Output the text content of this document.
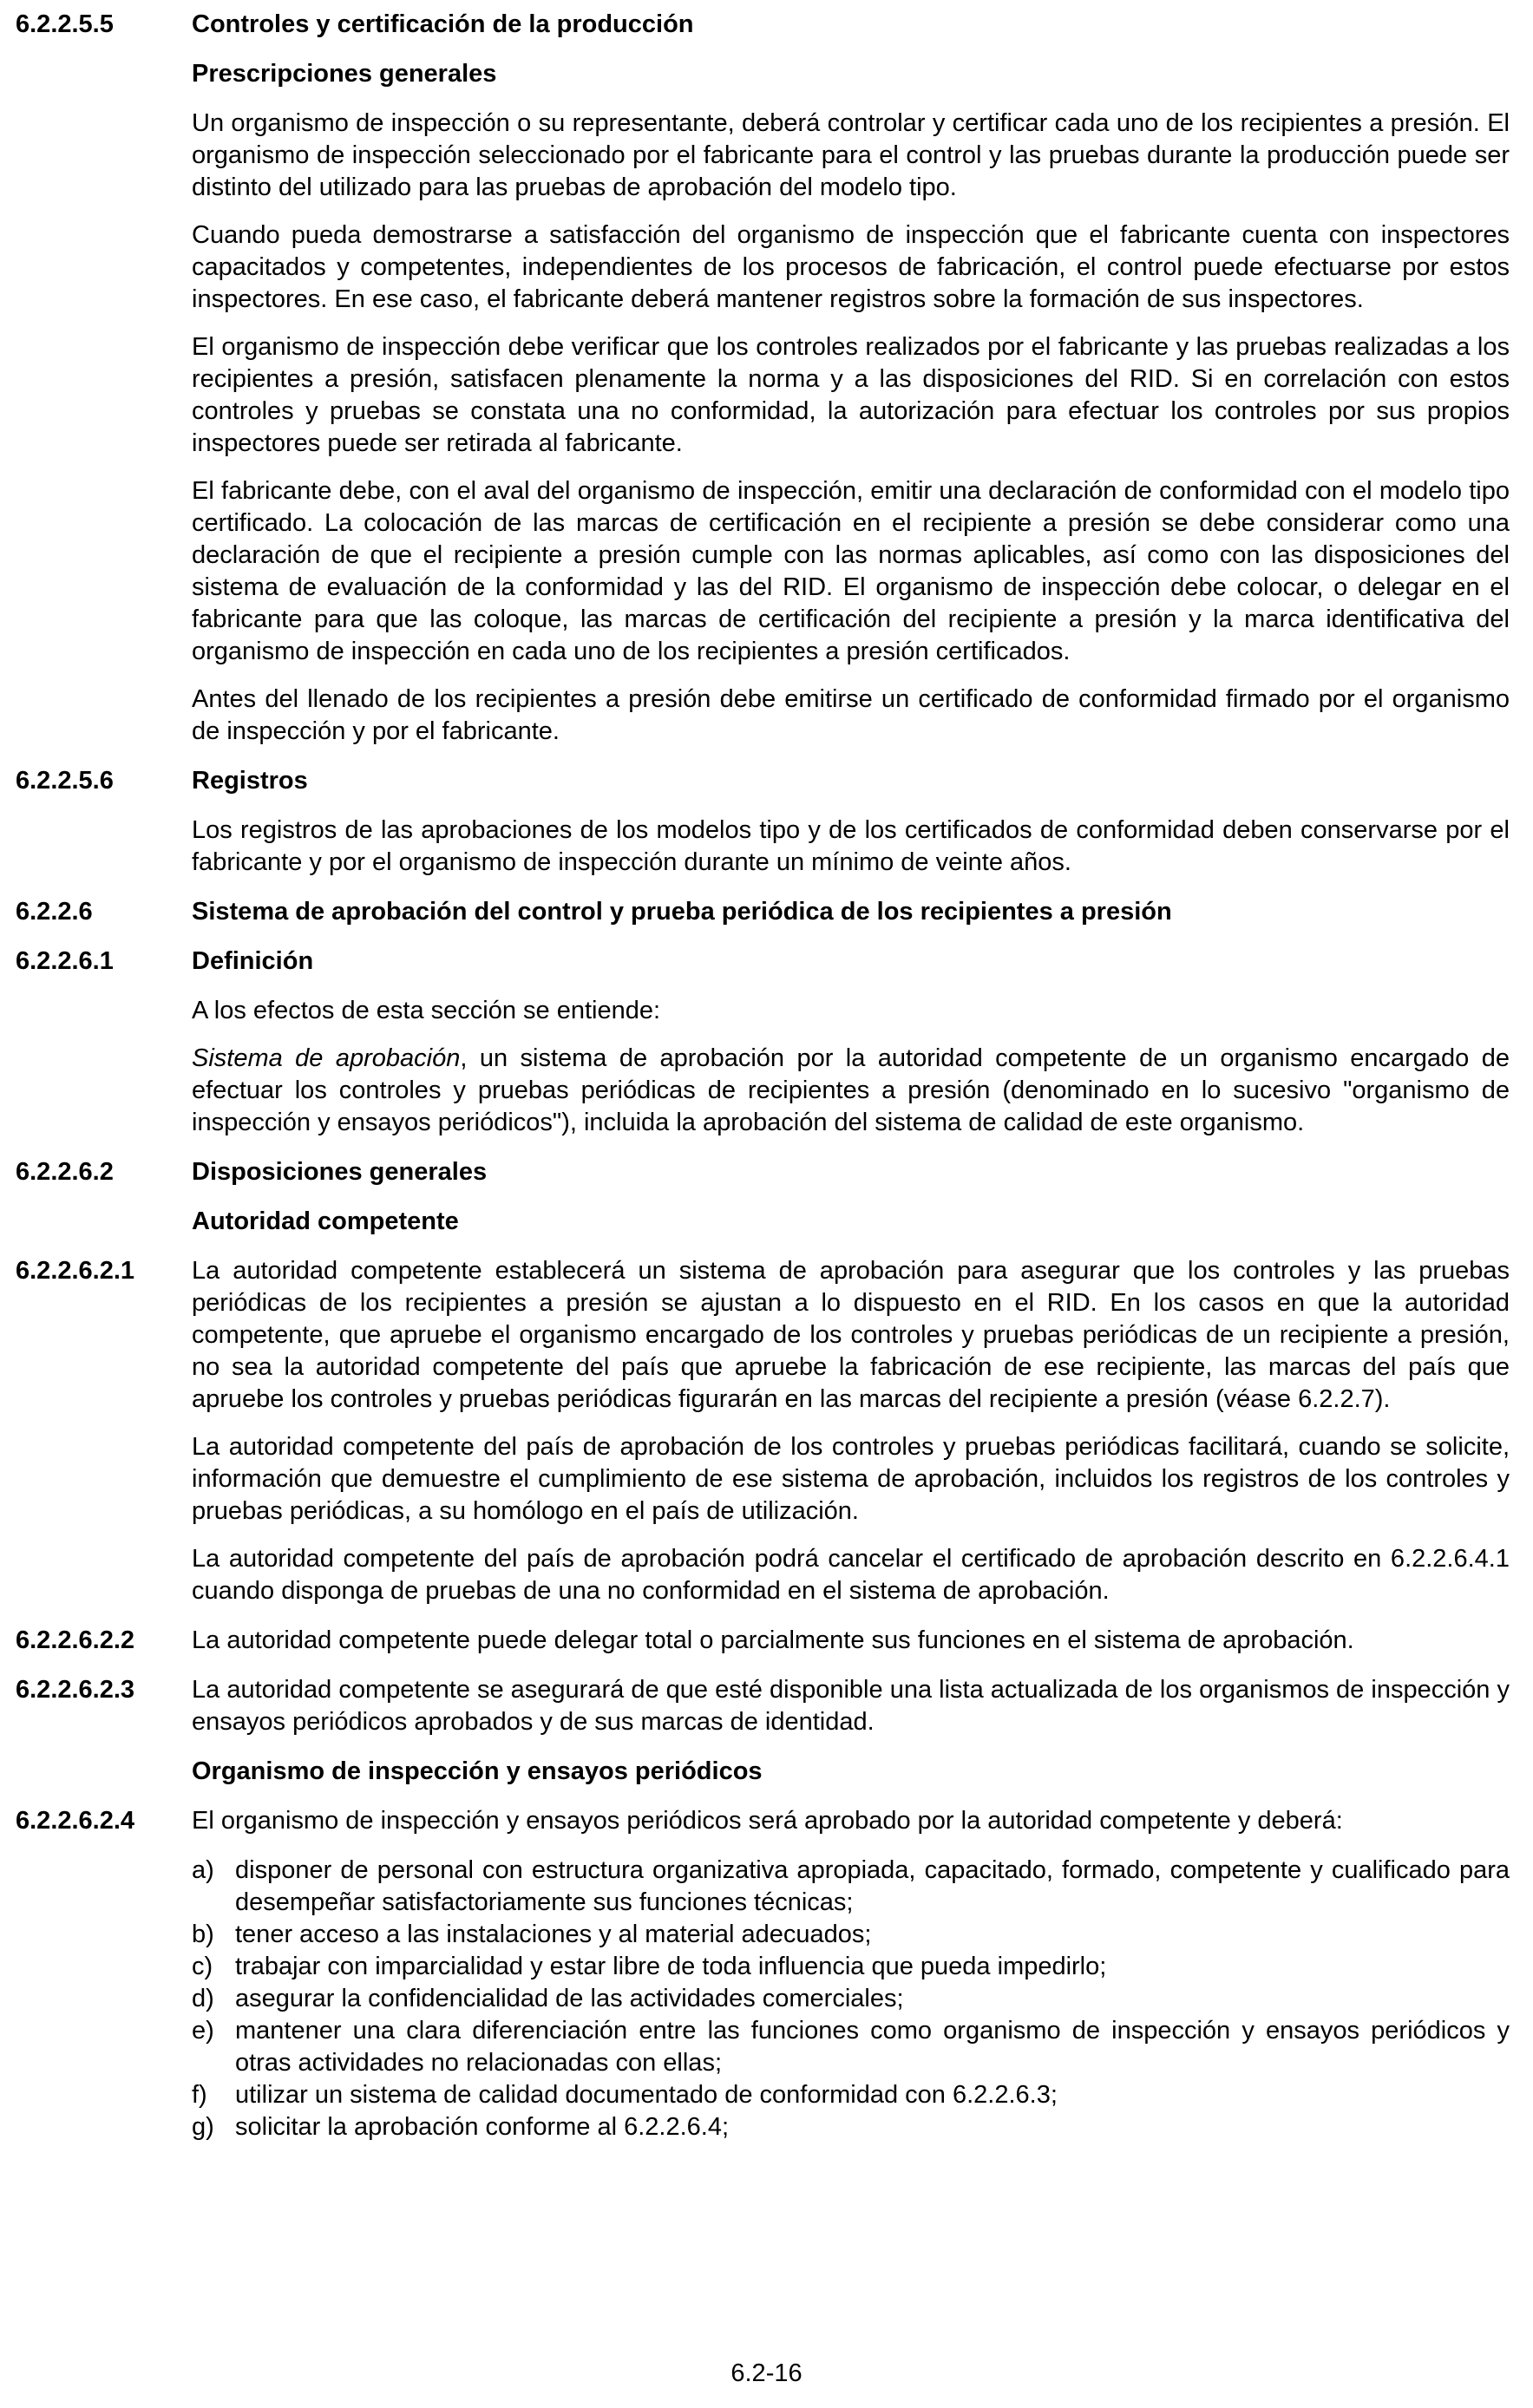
6.2.2.5.5	Controles y certificación de la producción
Prescripciones generales

Un organismo de inspección o su representante, deberá controlar y certificar cada uno de los recipientes a presión. El organismo de inspección seleccionado por el fabricante para el control y las pruebas durante la producción puede ser distinto del utilizado para las pruebas de aprobación del modelo tipo.

Cuando pueda demostrarse a satisfacción del organismo de inspección que el fabricante cuenta con inspectores capacitados y competentes, independientes de los procesos de fabricación, el control puede efectuarse por estos inspectores. En ese caso, el fabricante deberá mantener registros sobre la formación de sus inspectores.

El organismo de inspección debe verificar que los controles realizados por el fabricante y las pruebas realizadas a los recipientes a presión, satisfacen plenamente la norma y a las disposiciones del RID. Si en correlación con estos controles y pruebas se constata una no conformidad, la autorización para efectuar los controles por sus propios inspectores puede ser retirada al fabricante.

El fabricante debe, con el aval del organismo de inspección, emitir una declaración de conformidad con el modelo tipo certificado. La colocación de las marcas de certificación en el recipiente a presión se debe considerar como una declaración de que el recipiente a presión cumple con las normas aplicables, así como con las disposiciones del sistema de evaluación de la conformidad y las del RID. El organismo de inspección debe colocar, o delegar en el fabricante para que las coloque, las marcas de certificación del recipiente a presión y la marca identificativa del organismo de inspección en cada uno de los recipientes a presión certificados.

Antes del llenado de los recipientes a presión debe emitirse un certificado de conformidad firmado por el organismo de inspección y por el fabricante.

6.2.2.5.6	Registros

Los registros de las aprobaciones de los modelos tipo y de los certificados de conformidad deben conservarse por el fabricante y por el organismo de inspección durante un mínimo de veinte años.

6.2.2.6	Sistema de aprobación del control y prueba periódica de los recipientes a presión
6.2.2.6.1	Definición

A los efectos de esta sección se entiende:

Sistema de aprobación, un sistema de aprobación por la autoridad competente de un organismo encargado de efectuar los controles y pruebas periódicas de recipientes a presión (denominado en lo sucesivo "organismo de inspección y ensayos periódicos"), incluida la aprobación del sistema de calidad de este organismo.

6.2.2.6.2	Disposiciones generales
Autoridad competente
6.2.2.6.2.1	La autoridad competente establecerá un sistema de aprobación para asegurar que los controles y las pruebas periódicas de los recipientes a presión se ajustan a lo dispuesto en el RID. En los casos en que la autoridad competente, que apruebe el organismo encargado de los controles y pruebas periódicas de un recipiente a presión, no sea la autoridad competente del país que apruebe la fabricación de ese recipiente, las marcas del país que apruebe los controles y pruebas periódicas figurarán en las marcas del recipiente a presión (véase 6.2.2.7).

La autoridad competente del país de aprobación de los controles y pruebas periódicas facilitará, cuando se solicite, información que demuestre el cumplimiento de ese sistema de aprobación, incluidos los registros de los controles y pruebas periódicas, a su homólogo en el país de utilización.

La autoridad competente del país de aprobación podrá cancelar el certificado de aprobación descrito en 6.2.2.6.4.1 cuando disponga de pruebas de una no conformidad en el sistema de aprobación.

6.2.2.6.2.2	La autoridad competente puede delegar total o parcialmente sus funciones en el sistema de aprobación.

6.2.2.6.2.3	La autoridad competente se asegurará de que esté disponible una lista actualizada de los organismos de inspección y ensayos periódicos aprobados y de sus marcas de identidad.

Organismo de inspección y ensayos periódicos
6.2.2.6.2.4	El organismo de inspección y ensayos periódicos será aprobado por la autoridad competente y deberá:

a) disponer de personal con estructura organizativa apropiada, capacitado, formado, competente y cualificado para desempeñar satisfactoriamente sus funciones técnicas;
b) tener acceso a las instalaciones y al material adecuados;
c) trabajar con imparcialidad y estar libre de toda influencia que pueda impedirlo;
d) asegurar la confidencialidad de las actividades comerciales;
e) mantener una clara diferenciación entre las funciones como organismo de inspección y ensayos periódicos y otras actividades no relacionadas con ellas;
f)	utilizar un sistema de calidad documentado de conformidad con 6.2.2.6.3;
g) solicitar la aprobación conforme al 6.2.2.6.4;
6.2-16
